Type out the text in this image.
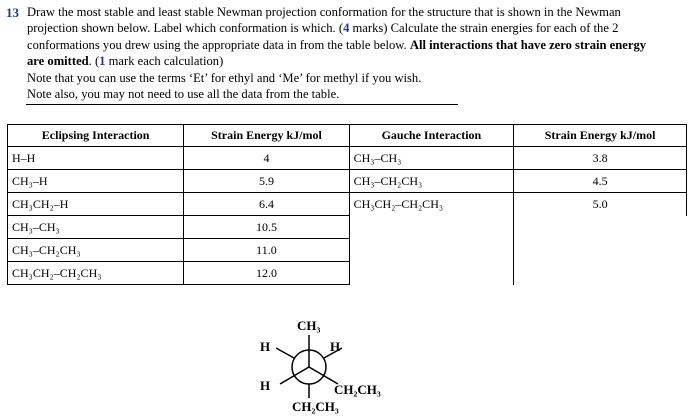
13 Draw the most stable and least stable Newman projection conformation for the structure that is shown in the Newman
projection shown below. Label which conformation is which. (4 marks) Calculate the strain energies for each of the 2
conformations you drew using the appropriate data in from the table below. All interactions that have zero strain energy
are omitted. (1 mark each calculation)
Note that you can use the terms ‘Et’ for ethyl and ‘Me’ for methyl if you wish.
Note also, you may not need to use all the data from the table.
Eclipsing Interaction	Strain Energy kJ/mol	Gauche Interaction	Strain Energy kJ/mol
H–H	4	CH₃–CH₃	3.8
CH₃–H	5.9	CH₃–CH₂CH₃	4.5
CH₃CH₂–H	6.4	CH₃CH₂–CH₂CH₃	5.0
CH₃–CH₃	10.5		
CH₃–CH₂CH₃	11.0		
CH₃CH₂–CH₂CH₃	12.0		
CH₃
H	H
H	CH₂CH₃
CH₂CH₃
